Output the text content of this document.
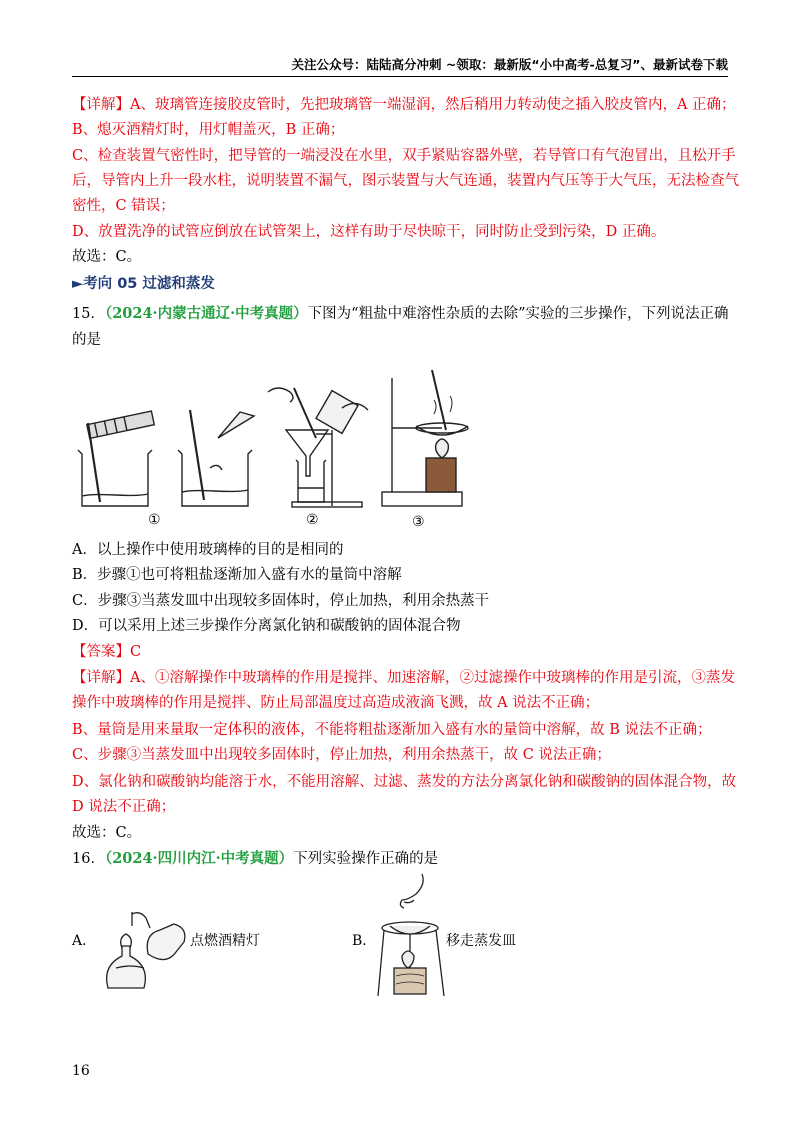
关注公众号：陆陆高分冲刺 ~领取：最新版“小中高考-总复习”、最新试卷下载
【详解】A、玻璃管连接胶皮管时，先把玻璃管一端湿润，然后稍用力转动使之插入胶皮管内，A 正确；
B、熄灭酒精灯时，用灯帽盖灭，B 正确；
C、检查装置气密性时，把导管的一端浸没在水里，双手紧贴容器外壁，若导管口有气泡冒出，且松开手
后，导管内上升一段水柱，说明装置不漏气，图示装置与大气连通，装置内气压等于大气压，无法检查气
密性，C 错误；
D、放置洗净的试管应倒放在试管架上，这样有助于尽快晾干，同时防止受到污染，D 正确。
故选：C。
►考向 05 过滤和蒸发
15．（2024·内蒙古通辽·中考真题）下图为“粗盐中难溶性杂质的去除”实验的三步操作，下列说法正确
的是
①	②	③
A．以上操作中使用玻璃棒的目的是相同的
B．步骤①也可将粗盐逐渐加入盛有水的量筒中溶解
C．步骤③当蒸发皿中出现较多固体时，停止加热，利用余热蒸干
D．可以采用上述三步操作分离氯化钠和碳酸钠的固体混合物
【答案】C
【详解】A、①溶解操作中玻璃棒的作用是搅拌、加速溶解，②过滤操作中玻璃棒的作用是引流，③蒸发
操作中玻璃棒的作用是搅拌、防止局部温度过高造成液滴飞溅，故 A 说法不正确；
B、量筒是用来量取一定体积的液体，不能将粗盐逐渐加入盛有水的量筒中溶解，故 B 说法不正确；
C、步骤③当蒸发皿中出现较多固体时，停止加热，利用余热蒸干，故 C 说法正确；
D、氯化钠和碳酸钠均能溶于水，不能用溶解、过滤、蒸发的方法分离氯化钠和碳酸钠的固体混合物，故
D 说法不正确；
故选：C。
16．（2024·四川内江·中考真题）下列实验操作正确的是
A．	点燃酒精灯	B．	移走蒸发皿
16
